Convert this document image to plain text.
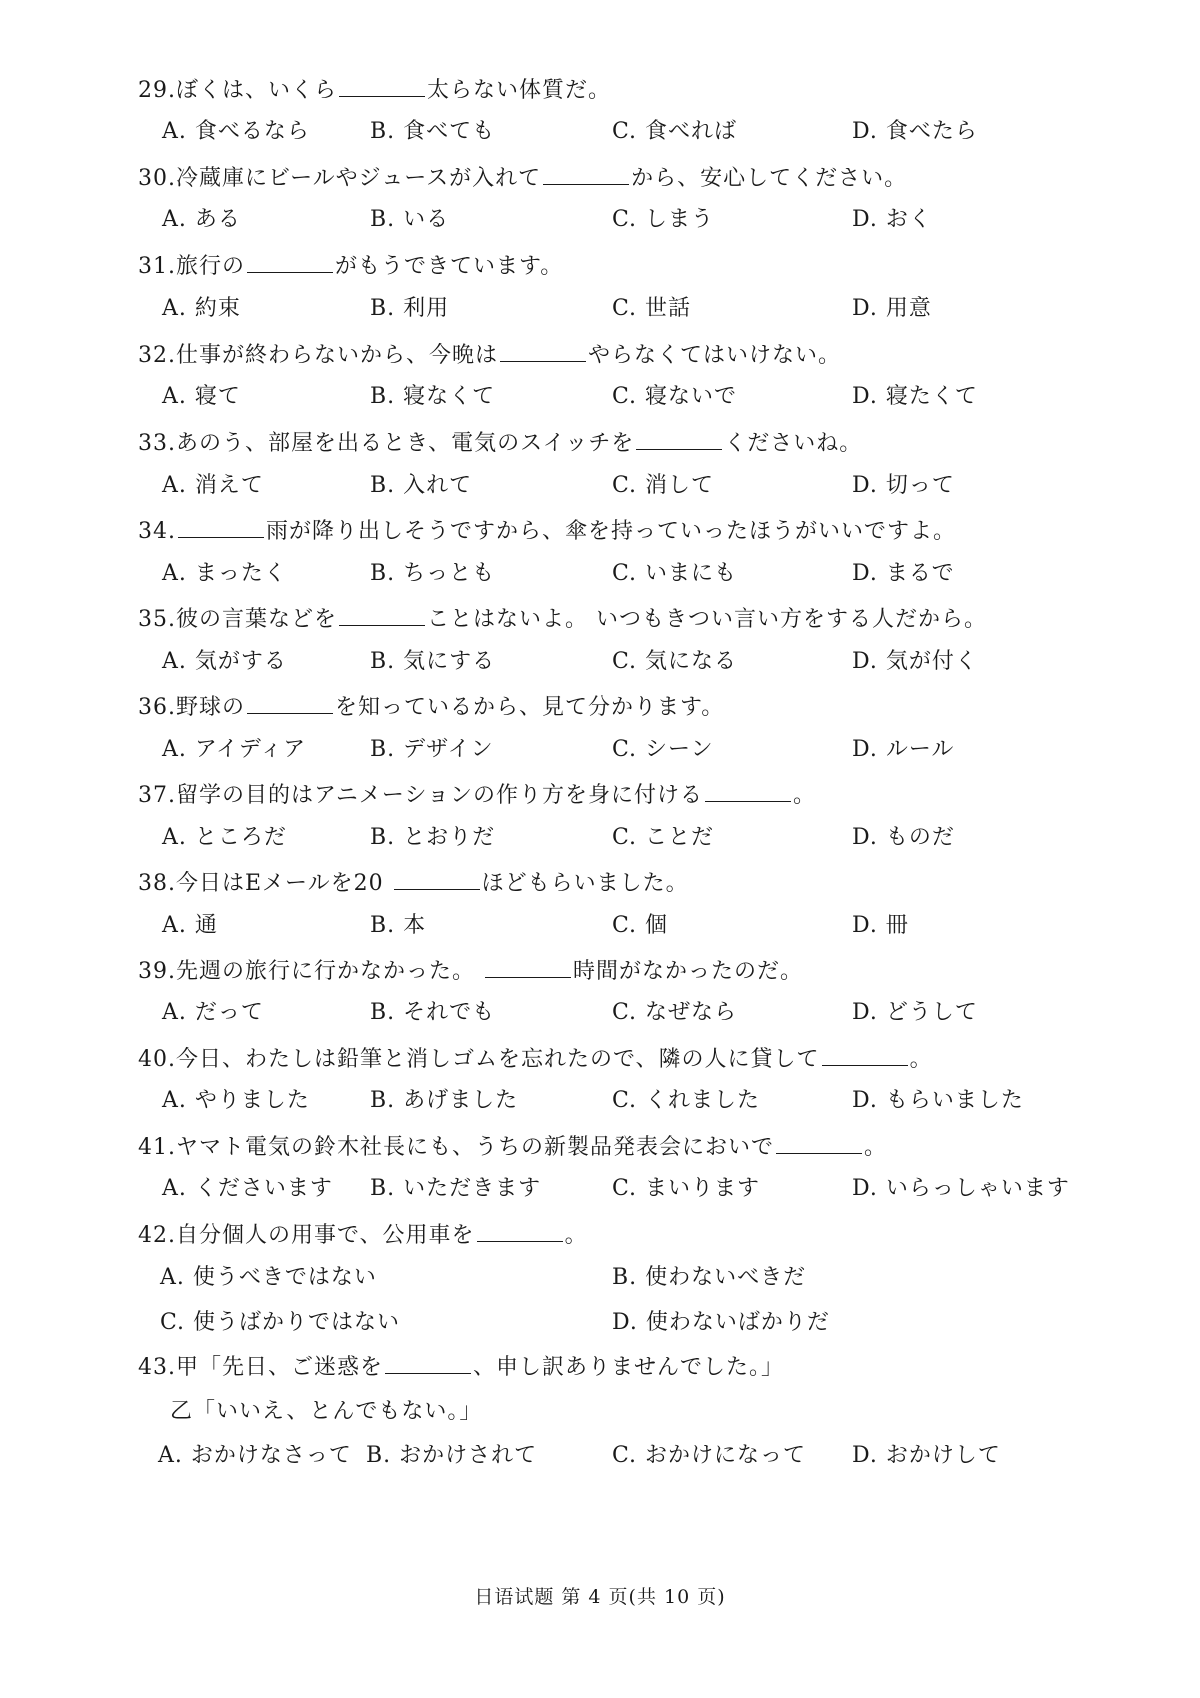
29.ぼくは、いくら	太らない体質だ。
A. 食べるなら	B. 食べても	C. 食べれば	D. 食べたら
30.冷蔵庫にビールやジュースが入れて	から、安心してください。
A. ある	B. いる	C. しまう	D. おく
31.旅行の	がもうできています。
A. 約束	B. 利用	C. 世話	D. 用意
32.仕事が終わらないから、今晩は	やらなくてはいけない。
A. 寝て	B. 寝なくて	C. 寝ないで	D. 寝たくて
33.あのう、部屋を出るとき、電気のスイッチを	くださいね。
A. 消えて	B. 入れて	C. 消して	D. 切って
34.	雨が降り出しそうですから、傘を持っていったほうがいいですよ。
A. まったく	B. ちっとも	C. いまにも	D. まるで
35.彼の言葉などを	ことはないよ。 いつもきつい言い方をする人だから。
A. 気がする	B. 気にする	C. 気になる	D. 気が付く
36.野球の	を知っているから、見て分かります。
A. アイディア	B. デザイン	C. シーン	D. ルール
37.留学の目的はアニメーションの作り方を身に付ける	。
A. ところだ	B. とおりだ	C. ことだ	D. ものだ
38.今日はEメールを20	ほどもらいました。
A. 通	B. 本	C. 個	D. 冊
39.先週の旅行に行かなかった。	時間がなかったのだ。
A. だって	B. それでも	C. なぜなら	D. どうして
40.今日、わたしは鉛筆と消しゴムを忘れたので、隣の人に貸して	。
A. やりました	B. あげました	C. くれました	D. もらいました
41.ヤマト電気の鈴木社長にも、うちの新製品発表会においで	。
A. くださいます B. いただきます	C. まいります	D. いらっしゃいます
42.自分個人の用事で、公用車を	。
A. 使うべきではない	B. 使わないべきだ
C. 使うばかりではない	D. 使わないばかりだ
43.甲「先日、ご迷惑を	、申し訳ありませんでした。」
乙「いいえ、とんでもない。」
A. おかけなさって B. おかけされて	C. おかけになって D. おかけして
日语试题 第 4 页(共 10 页)
